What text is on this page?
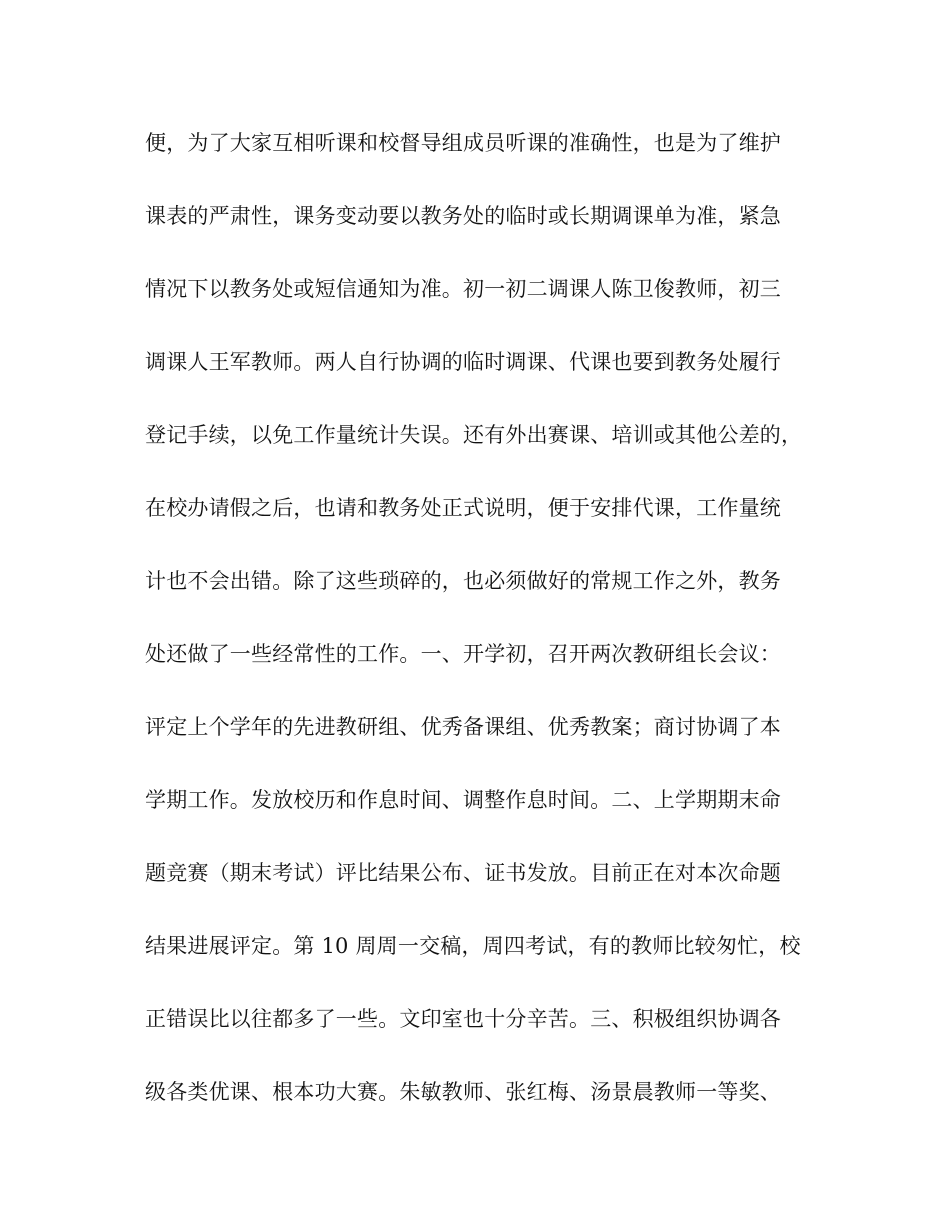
便，为了大家互相听课和校督导组成员听课的准确性，也是为了维护
课表的严肃性，课务变动要以教务处的临时或长期调课单为准，紧急
情况下以教务处或短信通知为准。初一初二调课人陈卫俊教师，初三
调课人王军教师。两人自行协调的临时调课、代课也要到教务处履行
登记手续，以免工作量统计失误。还有外出赛课、培训或其他公差的，
在校办请假之后，也请和教务处正式说明，便于安排代课，工作量统
计也不会出错。除了这些琐碎的，也必须做好的常规工作之外，教务
处还做了一些经常性的工作。一、开学初，召开两次教研组长会议：
评定上个学年的先进教研组、优秀备课组、优秀教案；商讨协调了本
学期工作。发放校历和作息时间、调整作息时间。二、上学期期末命
题竞赛（期末考试）评比结果公布、证书发放。目前正在对本次命题
结果进展评定。第 10 周周一交稿，周四考试，有的教师比较匆忙，校
正错误比以往都多了一些。文印室也十分辛苦。三、积极组织协调各
级各类优课、根本功大赛。朱敏教师、张红梅、汤景晨教师一等奖、
